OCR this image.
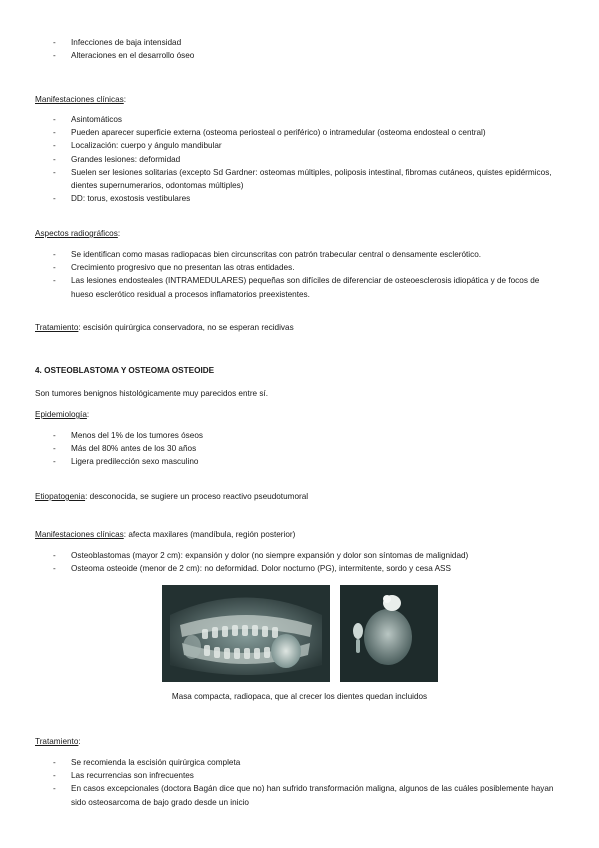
- Infecciones de baja intensidad
- Alteraciones en el desarrollo óseo
Manifestaciones clínicas:
- Asintomáticos
- Pueden aparecer superficie externa (osteoma periosteal o periférico) o intramedular (osteoma endosteal o central)
- Localización: cuerpo y ángulo mandibular
- Grandes lesiones: deformidad
- Suelen ser lesiones solitarias (excepto Sd Gardner: osteomas múltiples, poliposis intestinal, fibromas cutáneos, quistes epidérmicos, dientes supernumerarios, odontomas múltiples)
- DD: torus, exostosis vestibulares
Aspectos radiográficos:
- Se identifican como masas radiopacas bien circunscritas con patrón trabecular central o densamente esclerótico.
- Crecimiento progresivo que no presentan las otras entidades.
- Las lesiones endosteales (INTRAMEDULARES) pequeñas son difíciles de diferenciar de osteoesclerosis idiopática y de focos de hueso esclerótico residual a procesos inflamatorios preexistentes.
Tratamiento: escisión quirúrgica conservadora, no se esperan recidivas
4. OSTEOBLASTOMA Y OSTEOMA OSTEOIDE
Son tumores benignos histológicamente muy parecidos entre sí.
Epidemiología:
- Menos del 1% de los tumores óseos
- Más del 80% antes de los 30 años
- Ligera predilección sexo masculino
Etiopatogenia: desconocida, se sugiere un proceso reactivo pseudotumoral
Manifestaciones clínicas: afecta maxilares (mandíbula, región posterior)
- Osteoblastomas (mayor 2 cm): expansión y dolor (no siempre expansión y dolor son síntomas de malignidad)
- Osteoma osteoide (menor de 2 cm): no deformidad. Dolor nocturno (PG), intermitente, sordo y cesa ASS
Masa compacta, radiopaca, que al crecer los dientes quedan incluidos
Tratamiento:
- Se recomienda la escisión quirúrgica completa
- Las recurrencias son infrecuentes
- En casos excepcionales (doctora Bagán dice que no) han sufrido transformación maligna, algunos de las cuáles posiblemente hayan sido osteosarcoma de bajo grado desde un inicio
